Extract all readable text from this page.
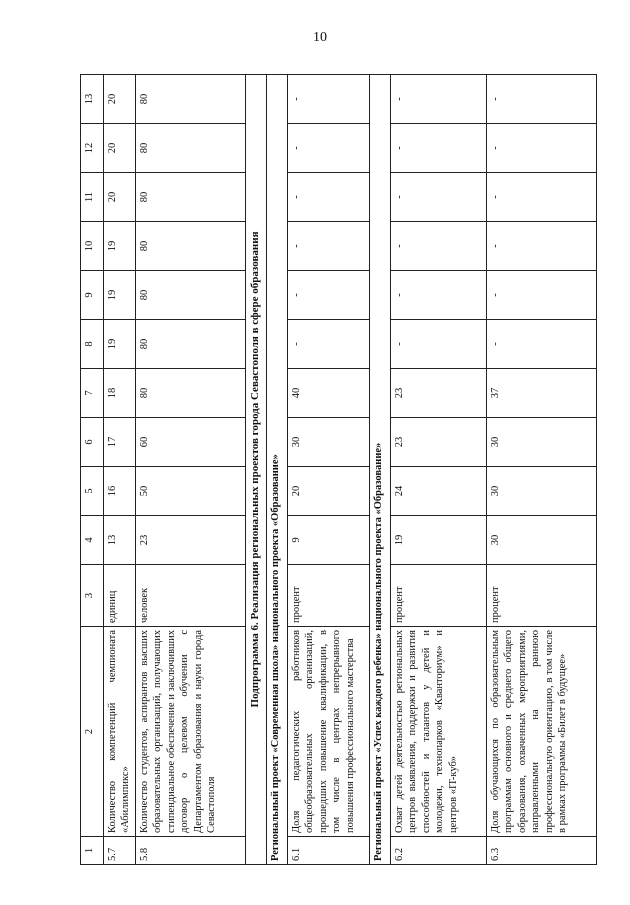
10
1	2	3	4	5	6	7	8	9	10	11	12	13
5.7	Количество компетенций чемпионата «Абилимпикс»	единиц	13	16	17	18	19	19	19	20	20	20
5.8	Количество студентов, аспирантов высших образовательных организаций, получающих стипендиальное обеспечение и заключивших договор о целевом обучении с Департаментом образования и науки города Севастополя	человек	23	50	60	80	80	80	80	80	80	80
Подпрограмма 6. Реализация региональных проектов города Севастополя в сфере образования												
Региональный проект «Современная школа» национального проекта «Образование»												
6.1	Доля педагогических работников общеобразовательных организаций, прошедших повышение квалификации, в том числе в центрах непрерывного повышения профессионального мастерства	процент	9	20	30	40	-	-	-	-	-	-
Региональный проект «Успех каждого ребенка» национального проекта «Образование»												
6.2	Охват детей деятельностью региональных центров выявления, поддержки и развития способностей и талантов у детей и молодежи, технопарков «Кванториум» и центров «IT-куб»	процент	19	24	23	23	-	-	-	-	-	-
6.3	Доля обучающихся по образовательным программам основного и среднего общего образования, охваченных мероприятиями, направленными на раннюю профессиональную ориентацию, в том числе в рамках программы «Билет в будущее»	процент	30	30	30	37	-	-	-	-	-	-
